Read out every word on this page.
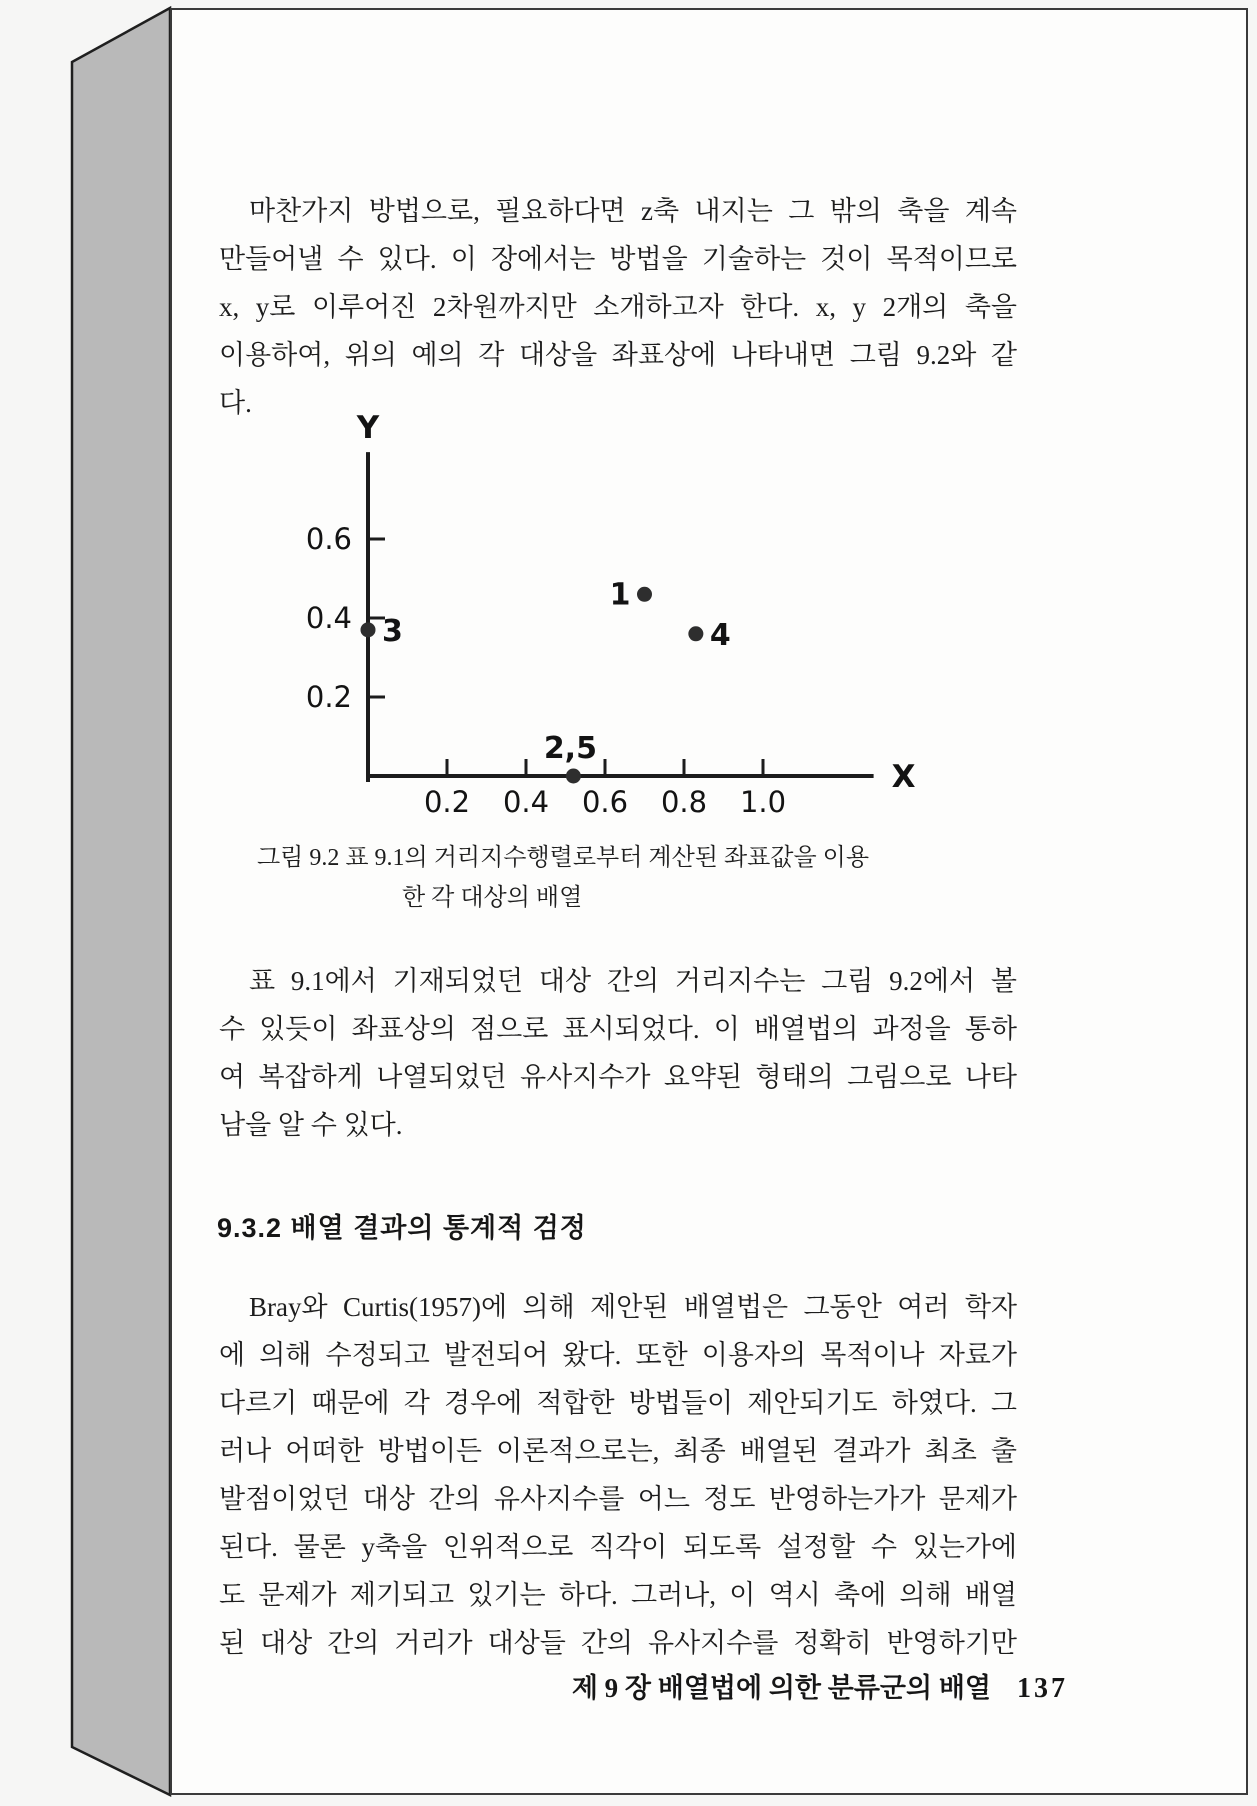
마찬가지 방법으로, 필요하다면 z축 내지는 그 밖의 축을 계속
만들어낼 수 있다. 이 장에서는 방법을 기술하는 것이 목적이므로
x, y로 이루어진 2차원까지만 소개하고자 한다. x, y 2개의 축을
이용하여, 위의 예의 각 대상을 좌표상에 나타내면 그림 9.2와 같
다.
0.2 0.4 0.6 0.8 1.0
0.2
0.4
0.6
X
Y
1
2,5
3	4
그림 9.2 표 9.1의 거리지수행렬로부터 계산된 좌표값을 이용
한 각 대상의 배열
표 9.1에서 기재되었던 대상 간의 거리지수는 그림 9.2에서 볼
수 있듯이 좌표상의 점으로 표시되었다. 이 배열법의 과정을 통하
여 복잡하게 나열되었던 유사지수가 요약된 형태의 그림으로 나타
남을 알 수 있다.
9.3.2 배열 결과의 통계적 검정
Bray와 Curtis(1957)에 의해 제안된 배열법은 그동안 여러 학자
에 의해 수정되고 발전되어 왔다. 또한 이용자의 목적이나 자료가
다르기 때문에 각 경우에 적합한 방법들이 제안되기도 하였다. 그
러나 어떠한 방법이든 이론적으로는, 최종 배열된 결과가 최초 출
발점이었던 대상 간의 유사지수를 어느 정도 반영하는가가 문제가
된다. 물론 y축을 인위적으로 직각이 되도록 설정할 수 있는가에
도 문제가 제기되고 있기는 하다. 그러나, 이 역시 축에 의해 배열
된 대상 간의 거리가 대상들 간의 유사지수를 정확히 반영하기만
제 9 장 배열법에 의한 분류군의 배열 137
